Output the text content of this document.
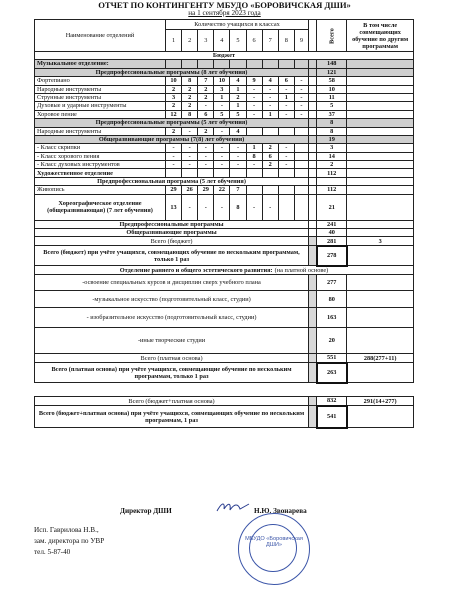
ОТЧЕТ ПО КОНТИНГЕНТУ МБУДО «БОРОВИЧСКАЯ ДШИ»
на 1 сентября 2023 года
Наименование отделений	Количество учащихся в классах										Всего	В том числе совмещающих обучение по другим программам
	1	2	3	4	5	6	7	8	9			
Бюджет												
Музыкальное отделение:											148	
Предпрофессиональные программы (8 лет обучения)											121	
Фортепиано	10	8	7	10	4	9	4	6	-		58	
Народные инструменты	2	2	2	3	1	-	-	-	-		10	
Струнные инструменты	3	2	2	1	2	-	-	1	-		11	
Духовые и ударные инструменты	2	2	-	-	1	-	-	-	-		5	
Хоровое пение	12	8	6	5	5	-	1	-	-		37	
Предпрофессиональные программы (5 лет обучения)											8	
Народные инструменты	2	-	2	-	4						8	
Общеразвивающие программы (7(8) лет обучения)											19	
- Класс скрипки	-	-	-	-	-	1	2	-			3	
- Класс хорового пения	-	-	-	-	-	8	6	-			14	
- Класс духовых инструментов	-	-	-	-	-	-	2	-			2	
Художественное отделение											112	
Предпрофессиональная программа (5 лет обучения)												
Живопись	29	26	29	22	7						112	
Хореографическое отделение (общеразвивающая) (7 лет обучения)	13	-	-	-	8	-	-				21	
Предпрофессиональные программы											241	
Общеразвивающие программы											40	
Всего (бюджет)											281	3
Всего (бюджет) при учёте учащихся, совмещающих обучение по нескольким программам, только 1 раз											278	
Отделение раннего и общего эстетического развития: (на платной основе)												
-освоение специальных курсов и дисциплин сверх учебного плана											277	
-музыкальное искусство (подготовительный класс, студии)											80	
- изобразительное искусство (подготовительный класс, студии)											163	
-иные творческие студии											20	
Всего (платная основа)											551	288(277+11)
Всего (платная основа) при учёте учащихся, совмещающие обучение по нескольким программам, только 1 раз											263	

Всего (бюджет+платная основа)											832	291(14+277)
Всего (бюджет+платная основа) при учёте учащихся, совмещающих обучение по нескольким программам, 1 раз											541	
Директор ДШИ	Н.Ю. Звонарева
Исп. Гаврилова Н.В.,
зам. директора по УВР
тел. 5-87-40
МБУДО «Боровичская ДШИ»
